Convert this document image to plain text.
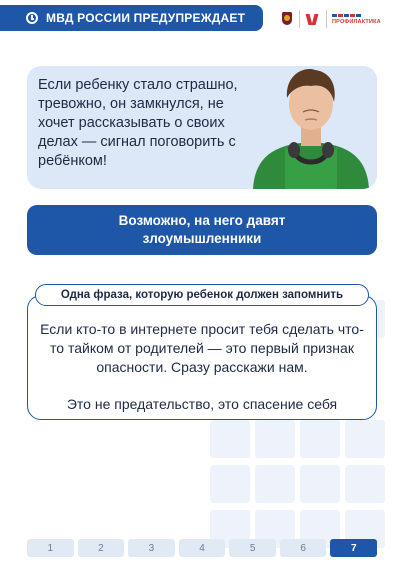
МВД РОССИИ ПРЕДУПРЕЖДАЕТ	ПРОФИЛАКТИКА

Если ребенку стало страшно, тревожно, он замкнулся, не хочет рассказывать о своих делах — сигнал поговорить с ребёнком!

Возможно, на него давят злоумышленники
Одна фраза, которую ребенок должен запомнить

Если кто-то в интернете просит тебя сделать что-то тайком от родителей — это первый признак опасности. Сразу расскажи нам.

Это не предательство, это спасение себя

1	2	3	4	5	6	7
